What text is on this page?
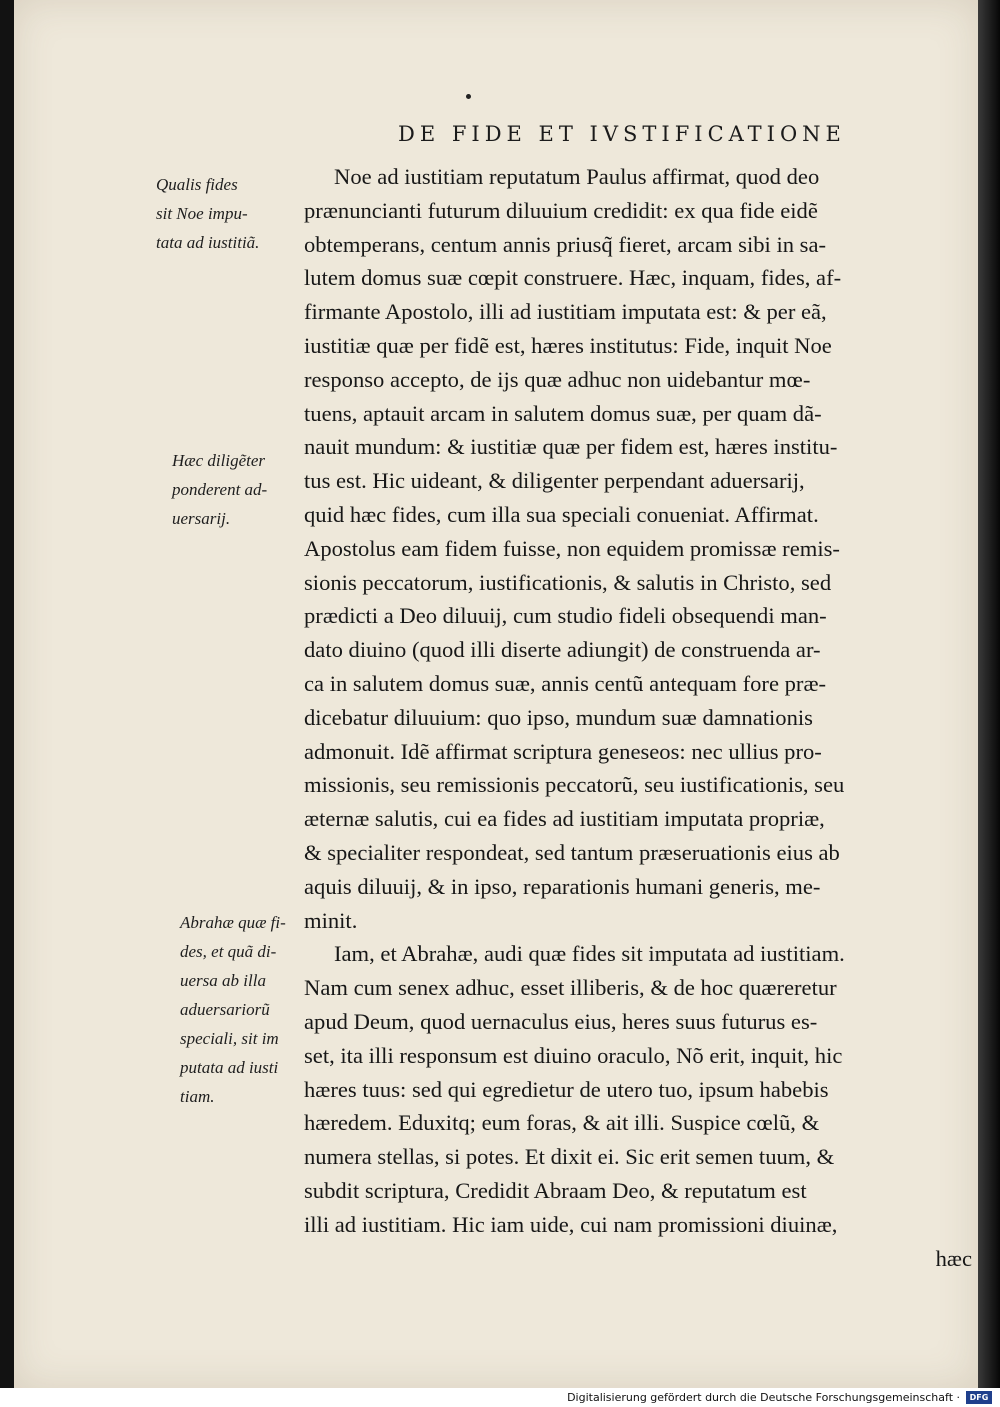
DE FIDE ET IVSTIFICATIONE
Qualis fides
sit Noe impu-
tata ad iustitiã.
Hæc diligẽter
ponderent ad-
uersarij.
Abrahæ quæ fi-
des, et quã di-
uersa ab illa
aduersariorũ
speciali, sit im
putata ad iusti
tiam.
Noe ad iustitiam reputatum Paulus affirmat, quod deo
prænuncianti futurum diluuium credidit: ex qua fide eidẽ
obtemperans, centum annis priusq̃ fieret, arcam sibi in sa-
lutem domus suæ cœpit construere. Hæc, inquam, fides, af-
firmante Apostolo, illi ad iustitiam imputata est: & per eã,
iustitiæ quæ per fidẽ est, hæres institutus: Fide, inquit Noe
responso accepto, de ijs quæ adhuc non uidebantur mœ-
tuens, aptauit arcam in salutem domus suæ, per quam dã-
nauit mundum: & iustitiæ quæ per fidem est, hæres institu-
tus est. Hic uideant, & diligenter perpendant aduersarij,
quid hæc fides, cum illa sua speciali conueniat. Affirmat.
Apostolus eam fidem fuisse, non equidem promissæ remis-
sionis peccatorum, iustificationis, & salutis in Christo, sed
prædicti a Deo diluuij, cum studio fideli obsequendi man-
dato diuino (quod illi diserte adiungit) de construenda ar-
ca in salutem domus suæ, annis centũ antequam fore præ-
dicebatur diluuium: quo ipso, mundum suæ damnationis
admonuit. Idẽ affirmat scriptura geneseos: nec ullius pro-
missionis, seu remissionis peccatorũ, seu iustificationis, seu
æternæ salutis, cui ea fides ad iustitiam imputata propriæ,
& specialiter respondeat, sed tantum præseruationis eius ab
aquis diluuij, & in ipso, reparationis humani generis, me-
minit.
Iam, et Abrahæ, audi quæ fides sit imputata ad iustitiam.
Nam cum senex adhuc, esset illiberis, & de hoc quæreretur
apud Deum, quod uernaculus eius, heres suus futurus es-
set, ita illi responsum est diuino oraculo, Nõ erit, inquit, hic
hæres tuus: sed qui egredietur de utero tuo, ipsum habebis
hæredem. Eduxitq; eum foras, & ait illi. Suspice cœlũ, &
numera stellas, si potes. Et dixit ei. Sic erit semen tuum, &
subdit scriptura, Credidit Abraam Deo, & reputatum est
illi ad iustitiam. Hic iam uide, cui nam promissioni diuinæ,
hæc
Digitalisierung gefördert durch die Deutsche Forschungsgemeinschaft ·	DFG
